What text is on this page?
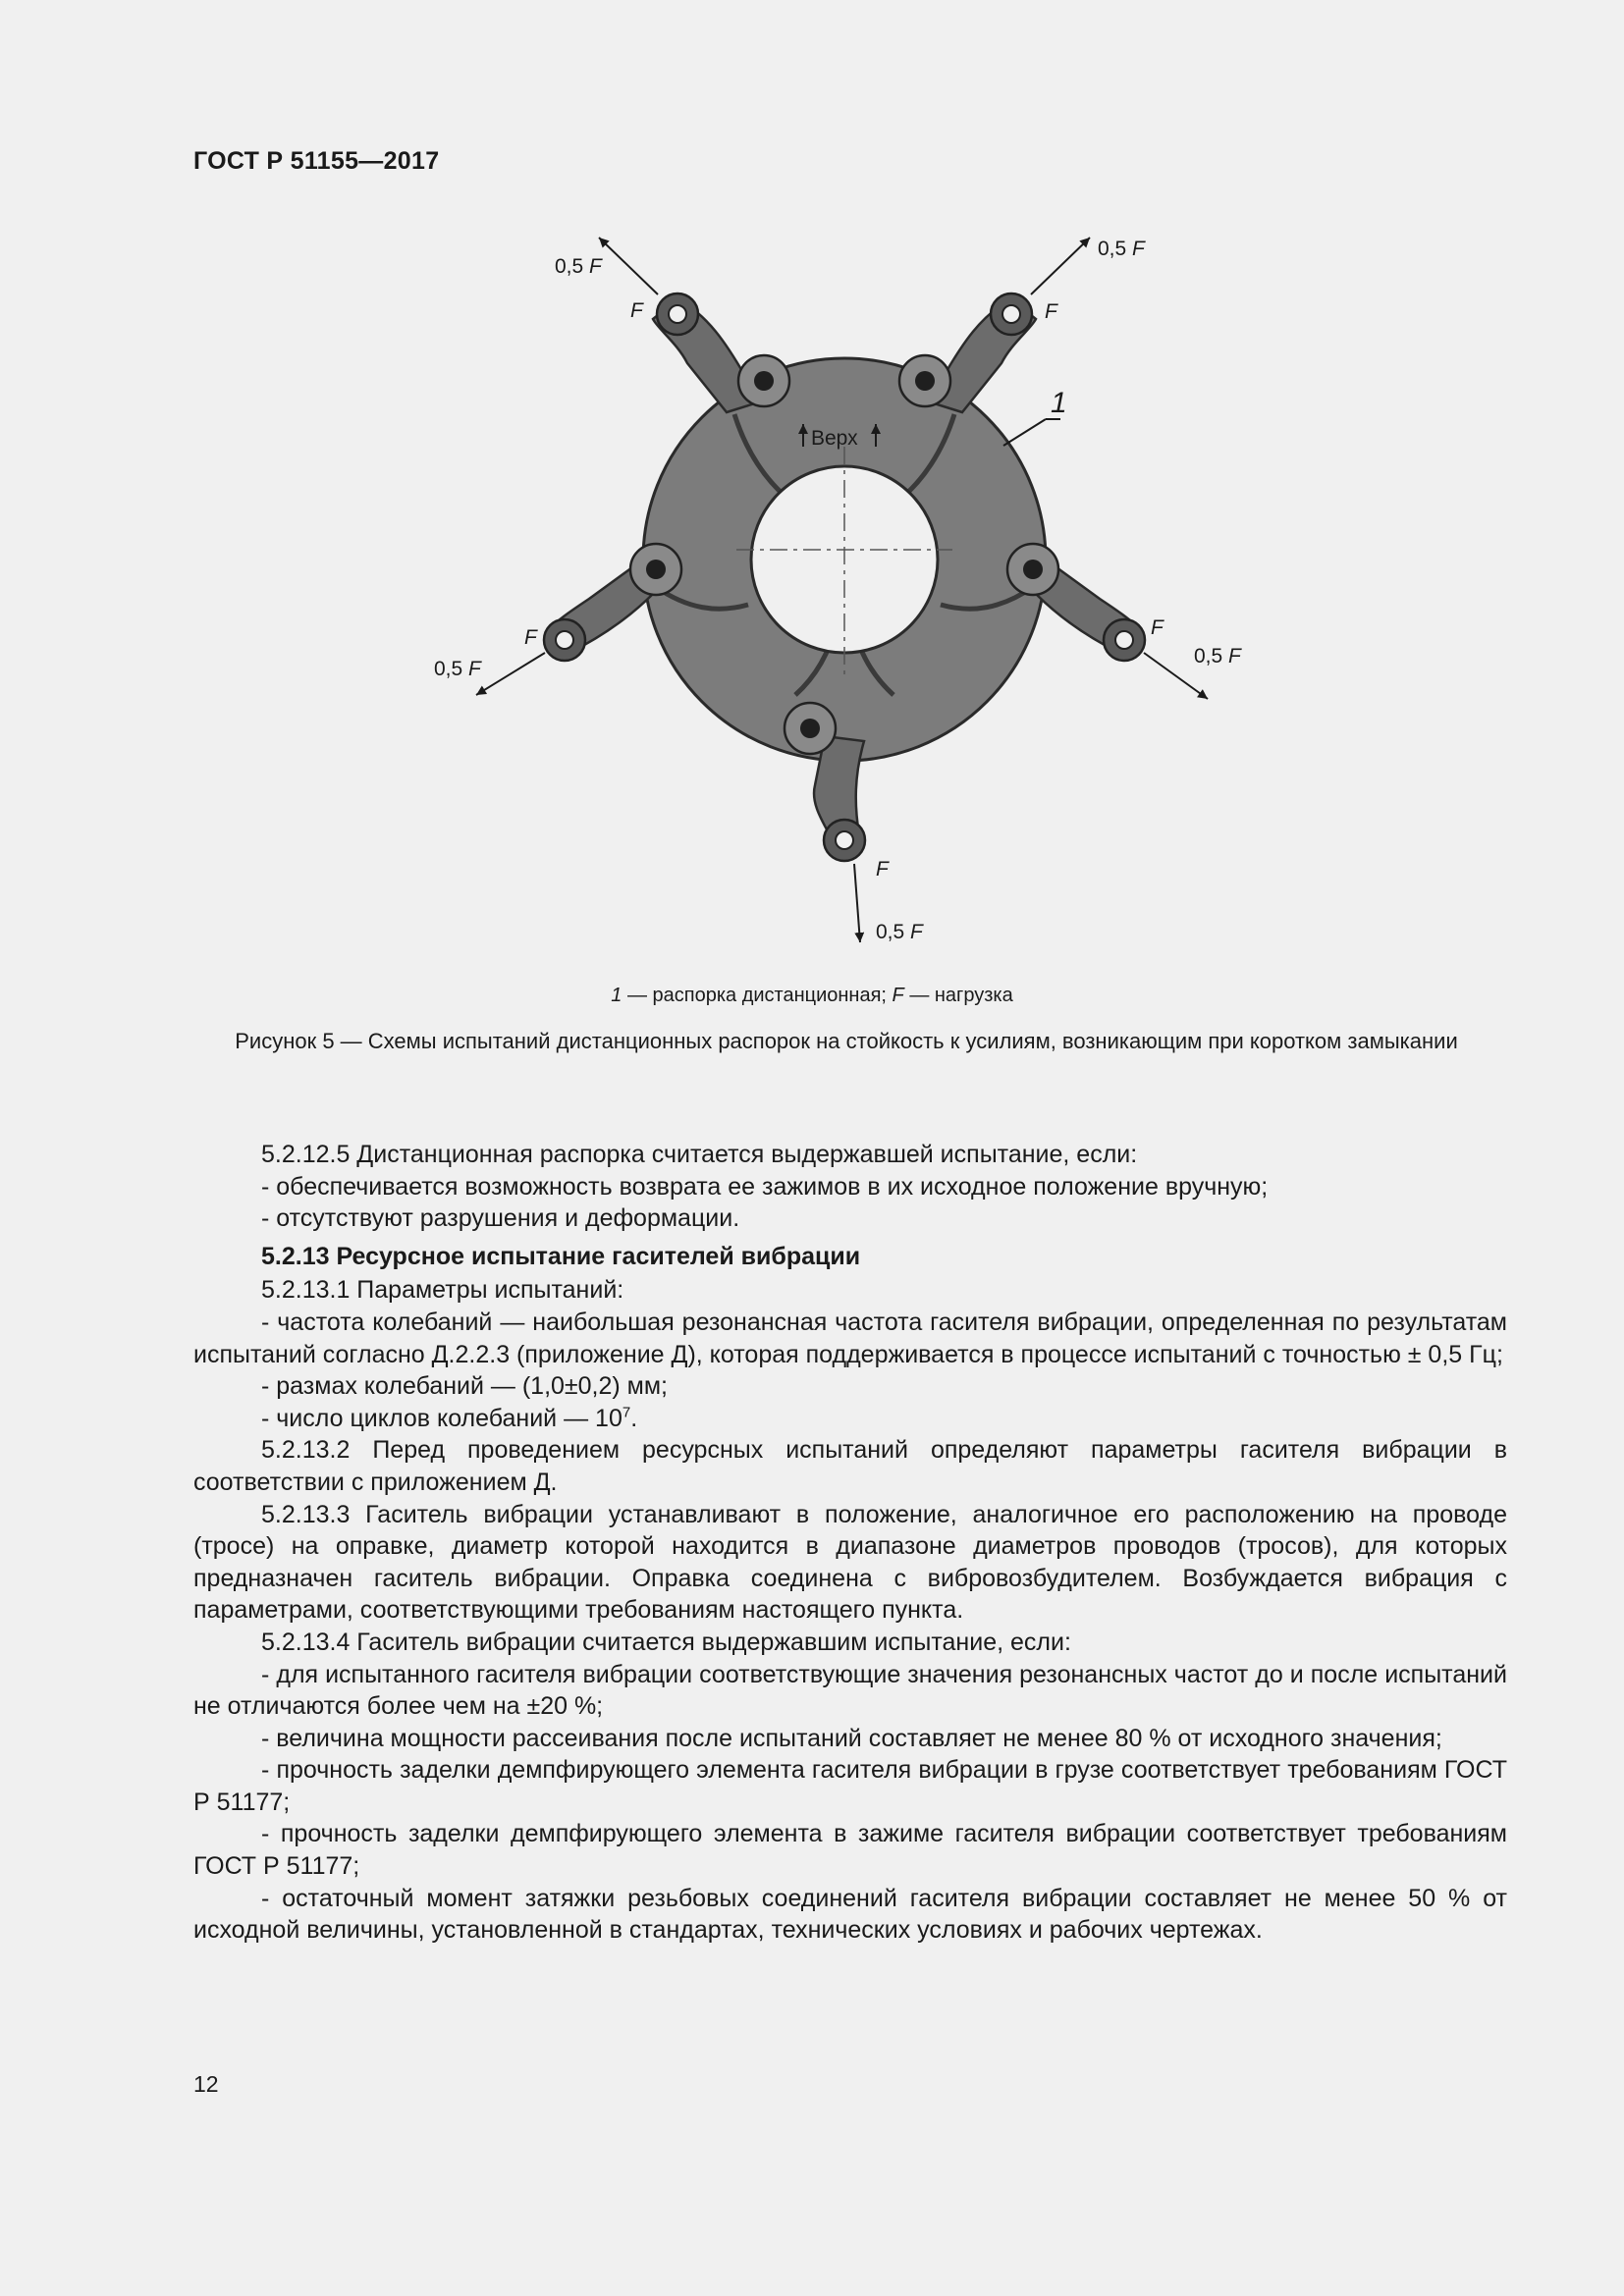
ГОСТ Р 51155—2017
Верх
1
0,5 F
F
0,5 F
F
0,5 F
F
0,5 F
F
F
0,5 F
1 — распорка дистанционная; F — нагрузка
Рисунок 5 — Схемы испытаний дистанционных распорок на стойкость к усилиям, возникающим при коротком замыкании

5.2.12.5 Дистанционная распорка считается выдержавшей испытание, если:

- обеспечивается возможность возврата ее зажимов в их исходное положение вручную;

- отсутствуют разрушения и деформации.

5.2.13 Ресурсное испытание гасителей вибрации

5.2.13.1 Параметры испытаний:

- частота колебаний — наибольшая резонансная частота гасителя вибрации, определенная по результатам испытаний согласно Д.2.2.3 (приложение Д), которая поддерживается в процессе испытаний с точностью ± 0,5 Гц;

- размах колебаний — (1,0±0,2) мм;

- число циклов колебаний — $10^7$.

5.2.13.2 Перед проведением ресурсных испытаний определяют параметры гасителя вибрации в соответствии с приложением Д.

5.2.13.3 Гаситель вибрации устанавливают в положение, аналогичное его расположению на проводе (тросе) на оправке, диаметр которой находится в диапазоне диаметров проводов (тросов), для которых предназначен гаситель вибрации. Оправка соединена с вибровозбудителем. Возбуждается вибрация с параметрами, соответствующими требованиям настоящего пункта.

5.2.13.4 Гаситель вибрации считается выдержавшим испытание, если:

- для испытанного гасителя вибрации соответствующие значения резонансных частот до и после испытаний не отличаются более чем на ±20 %;

- величина мощности рассеивания после испытаний составляет не менее 80 % от исходного значения;

- прочность заделки демпфирующего элемента гасителя вибрации в грузе соответствует требованиям ГОСТ Р 51177;

- прочность заделки демпфирующего элемента в зажиме гасителя вибрации соответствует требованиям ГОСТ Р 51177;

- остаточный момент затяжки резьбовых соединений гасителя вибрации составляет не менее 50 % от исходной величины, установленной в стандартах, технических условиях и рабочих чертежах.

12
